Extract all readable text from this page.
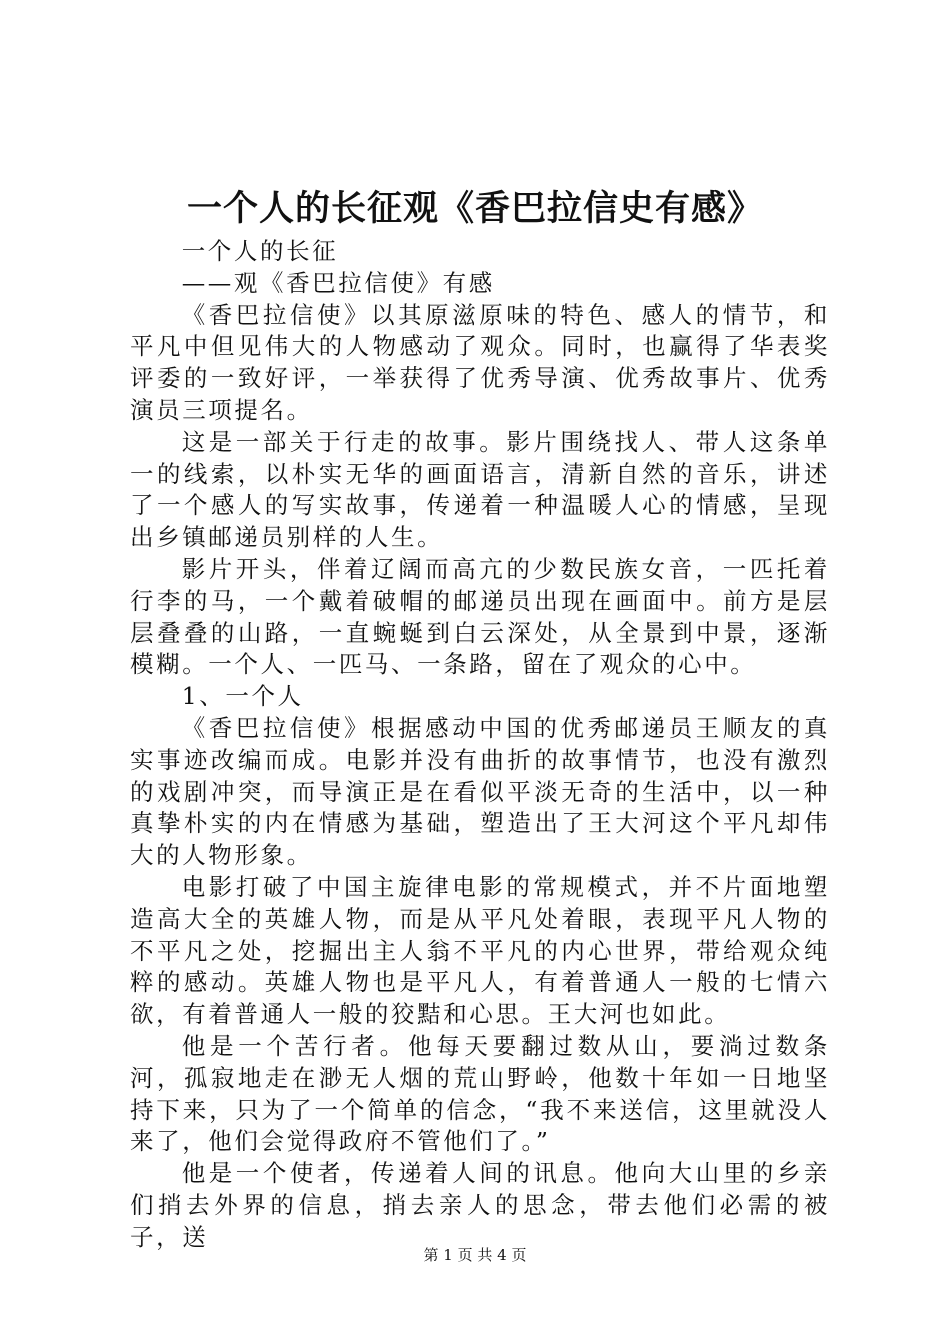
一个人的长征观《香巴拉信史有感》

一个人的长征

——观《香巴拉信使》有感

《香巴拉信使》以其原滋原味的特色、感人的情节，和平凡中但见伟大的人物感动了观众。同时，也赢得了华表奖评委的一致好评，一举获得了优秀导演、优秀故事片、优秀演员三项提名。

这是一部关于行走的故事。影片围绕找人、带人这条单一的线索，以朴实无华的画面语言，清新自然的音乐，讲述了一个感人的写实故事，传递着一种温暖人心的情感，呈现出乡镇邮递员别样的人生。

影片开头，伴着辽阔而高亢的少数民族女音，一匹托着行李的马，一个戴着破帽的邮递员出现在画面中。前方是层层叠叠的山路，一直蜿蜒到白云深处，从全景到中景，逐渐模糊。一个人、一匹马、一条路，留在了观众的心中。

1、一个人

《香巴拉信使》根据感动中国的优秀邮递员王顺友的真实事迹改编而成。电影并没有曲折的故事情节，也没有激烈的戏剧冲突，而导演正是在看似平淡无奇的生活中，以一种真挚朴实的内在情感为基础，塑造出了王大河这个平凡却伟大的人物形象。

电影打破了中国主旋律电影的常规模式，并不片面地塑造高大全的英雄人物，而是从平凡处着眼，表现平凡人物的不平凡之处，挖掘出主人翁不平凡的内心世界，带给观众纯粹的感动。英雄人物也是平凡人，有着普通人一般的七情六欲，有着普通人一般的狡黠和心思。王大河也如此。

他是一个苦行者。他每天要翻过数从山，要淌过数条河，孤寂地走在渺无人烟的荒山野岭，他数十年如一日地坚持下来，只为了一个简单的信念，“我不来送信，这里就没人来了，他们会觉得政府不管他们了。”

他是一个使者，传递着人间的讯息。他向大山里的乡亲们捎去外界的信息，捎去亲人的思念，带去他们必需的被子，送

第 1 页 共 4 页
